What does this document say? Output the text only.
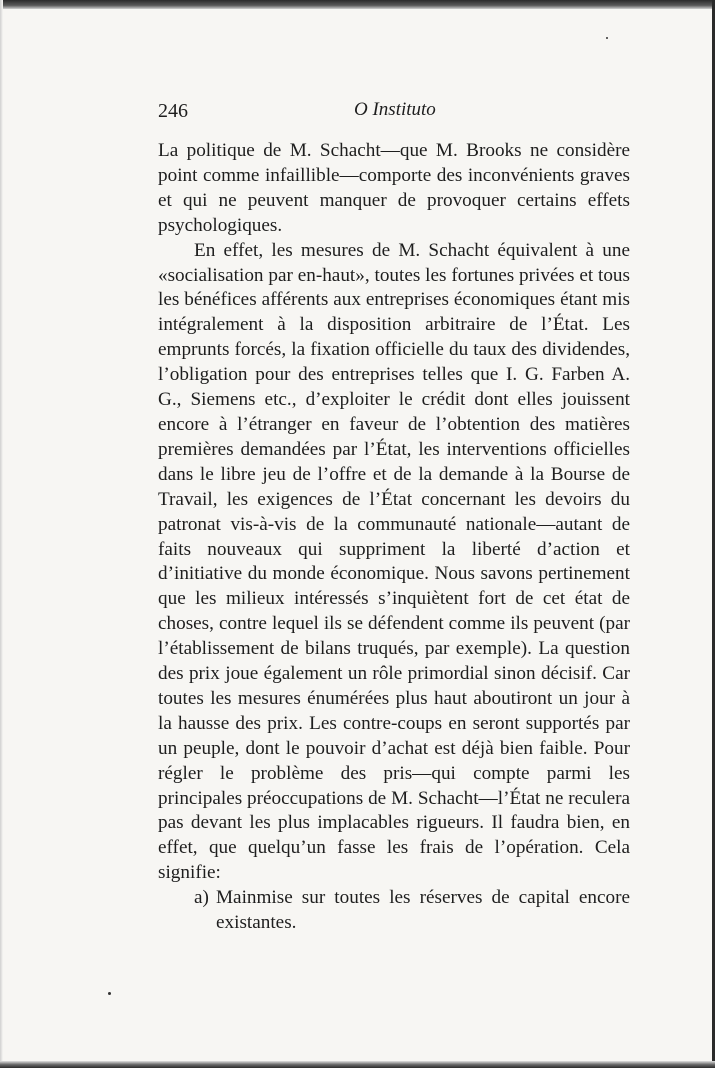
246	O Instituto

La politique de M. Schacht—que M. Brooks ne considère point comme infaillible—comporte des inconvénients graves et qui ne peuvent manquer de provoquer certains effets psychologiques.

En effet, les mesures de M. Schacht équivalent à une «socialisation par en-haut», toutes les fortunes privées et tous les bénéfices afférents aux entreprises économiques étant mis intégralement à la disposition arbitraire de l’État. Les emprunts forcés, la fixation officielle du taux des dividendes, l’obligation pour des entreprises telles que I. G. Farben A. G., Siemens etc., d’exploiter le crédit dont elles jouissent encore à l’étranger en faveur de l’obtention des matières premières demandées par l’État, les interventions officielles dans le libre jeu de l’offre et de la demande à la Bourse de Travail, les exigences de l’État concernant les devoirs du patronat vis-à-vis de la communauté nationale—autant de faits nouveaux qui suppriment la liberté d’action et d’initiative du monde économique. Nous savons pertinement que les milieux intéressés s’inquiètent fort de cet état de choses, contre lequel ils se défendent comme ils peuvent (par l’établissement de bilans truqués, par exemple). La question des prix joue également un rôle primordial sinon décisif. Car toutes les mesures énumérées plus haut aboutiront un jour à la hausse des prix. Les contre-coups en seront supportés par un peuple, dont le pouvoir d’achat est déjà bien faible. Pour régler le problème des pris—qui compte parmi les principales préoccupations de M. Schacht—l’État ne reculera pas devant les plus implacables rigueurs. Il faudra bien, en effet, que quelqu’un fasse les frais de l’opération. Cela signifie:

a) Mainmise sur toutes les réserves de capital encore existantes.
